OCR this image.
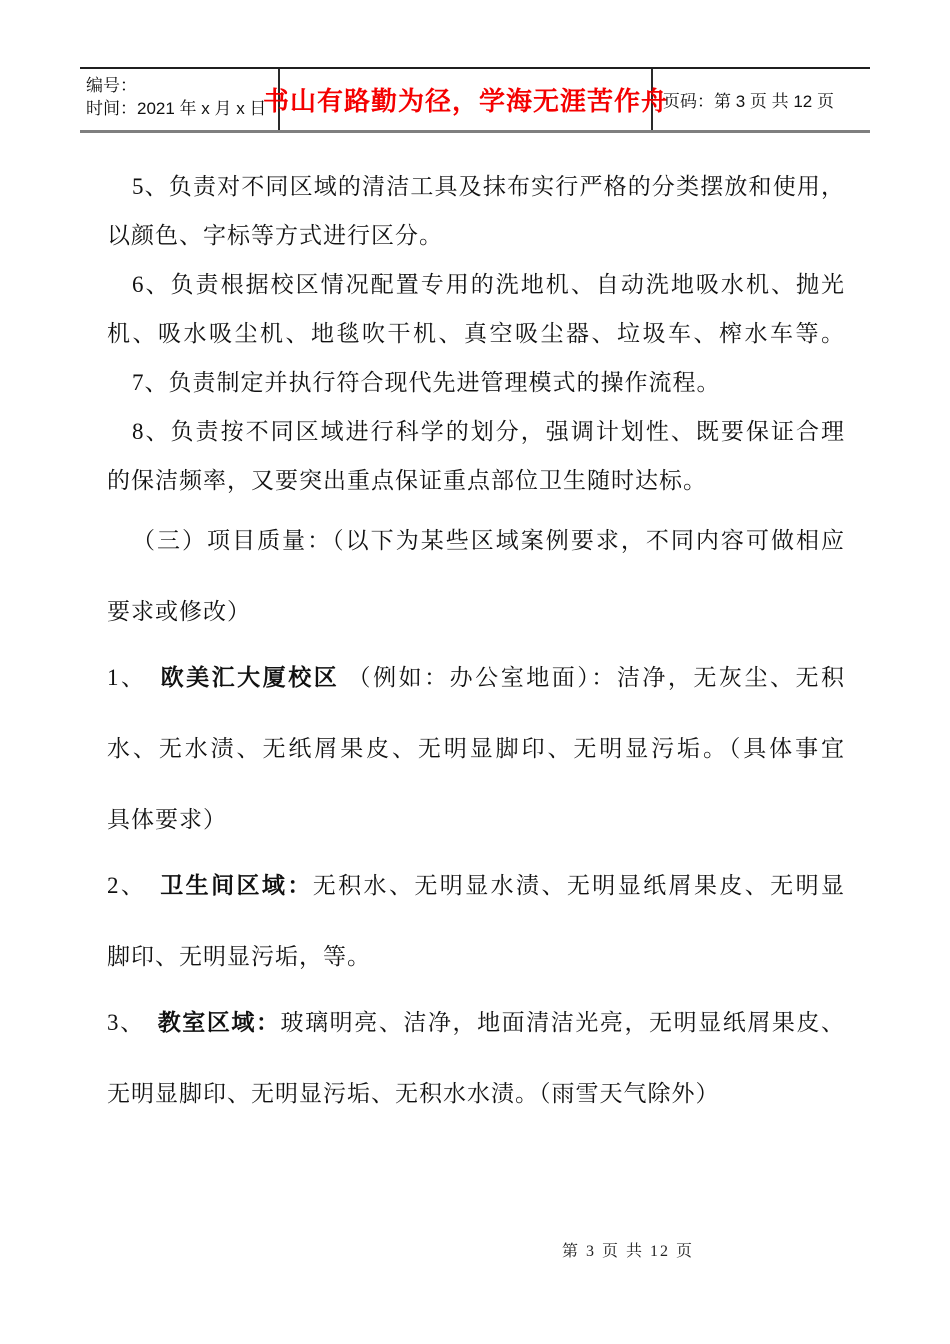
编号：
时间：2021 年 x 月 x 日
书山有路勤为径，学海无涯苦作舟
页码：第 3 页 共 12 页
5、负责对不同区域的清洁工具及抹布实行严格的分类摆放和使用，
以颜色、字标等方式进行区分。
6、负责根据校区情况配置专用的洗地机、自动洗地吸水机、抛光
机、吸水吸尘机、地毯吹干机、真空吸尘器、垃圾车、榨水车等。
7、负责制定并执行符合现代先进管理模式的操作流程。
8、负责按不同区域进行科学的划分，强调计划性、既要保证合理
的保洁频率，又要突出重点保证重点部位卫生随时达标。
（三）项目质量：（以下为某些区域案例要求，不同内容可做相应
要求或修改）
1、　欧美汇大厦校区 （例如：办公室地面）：洁净，无灰尘、无积
水、无水渍、无纸屑果皮、无明显脚印、无明显污垢。（具体事宜
具体要求）
2、　卫生间区域：无积水、无明显水渍、无明显纸屑果皮、无明显
脚印、无明显污垢，等。
3、　教室区域：玻璃明亮、洁净，地面清洁光亮，无明显纸屑果皮、
无明显脚印、无明显污垢、无积水水渍。（雨雪天气除外）
第 3 页 共 12 页
